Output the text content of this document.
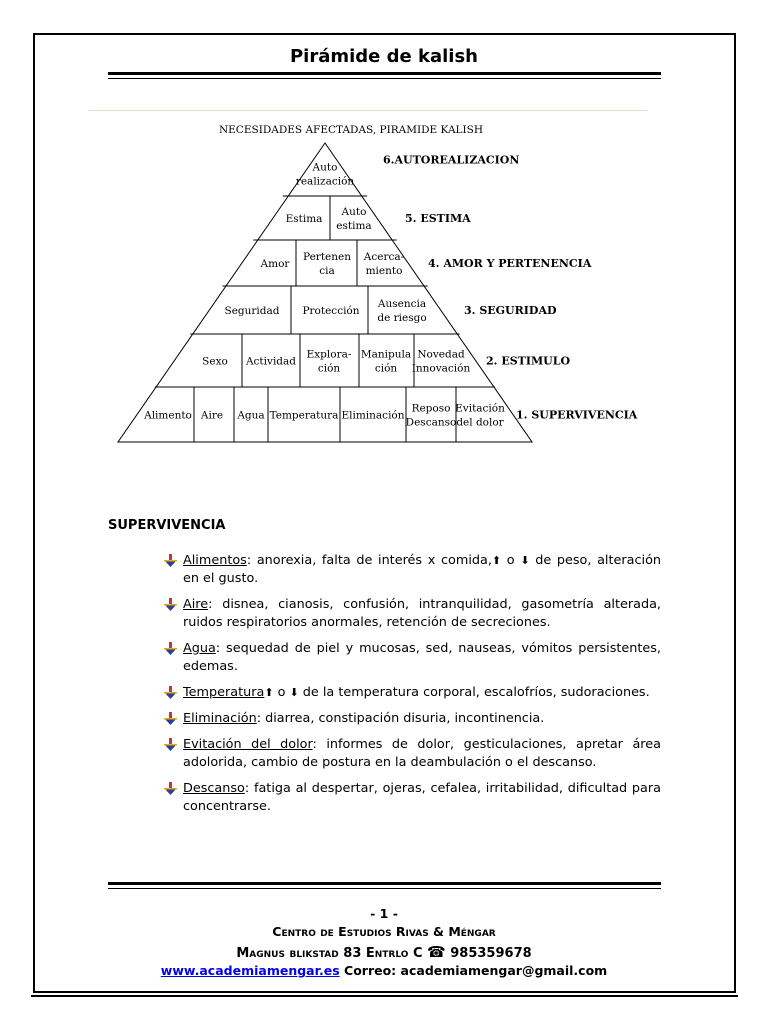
Pirámide de kalish
NECESIDADES AFECTADAS, PIRAMIDE KALISH
Auto
realización
6.AUTOREALIZACION
Estima
Auto
estima
5. ESTIMA
Amor
Pertenen
cia
Acerca-
miento
4. AMOR Y PERTENENCIA
Seguridad Protección
Ausencia
de riesgo
3. SEGURIDAD
Sexo Actividad
Explora-
ción
Manipula
ción
Novedad
Innovación
2. ESTIMULO
Alimento Aire Agua Temperatura Eliminación
Reposo
Descanso
Evitación
del dolor
1. SUPERVIVENCIA
SUPERVIVENCIA
Alimentos: anorexia, falta de interés x comida,⬆ o ⬇ de peso, alteración en el gusto.
Aire: disnea, cianosis, confusión, intranquilidad, gasometría alterada, ruidos respiratorios anormales, retención de secreciones.
Agua: sequedad de piel y mucosas, sed, nauseas, vómitos persistentes, edemas.
Temperatura⬆ o ⬇ de la temperatura corporal, escalofríos, sudoraciones.
Eliminación: diarrea, constipación disuria, incontinencia.
Evitación del dolor: informes de dolor, gesticulaciones, apretar área adolorida, cambio de postura en la deambulación o el descanso.
Descanso: fatiga al despertar, ojeras, cefalea, irritabilidad, dificultad para concentrarse.
- 1 -
Centro de Estudios Rivas & Méngar
Magnus blikstad 83 Entrlo C ☎ 985359678
www.academiamengar.es Correo: academiamengar@gmail.com
